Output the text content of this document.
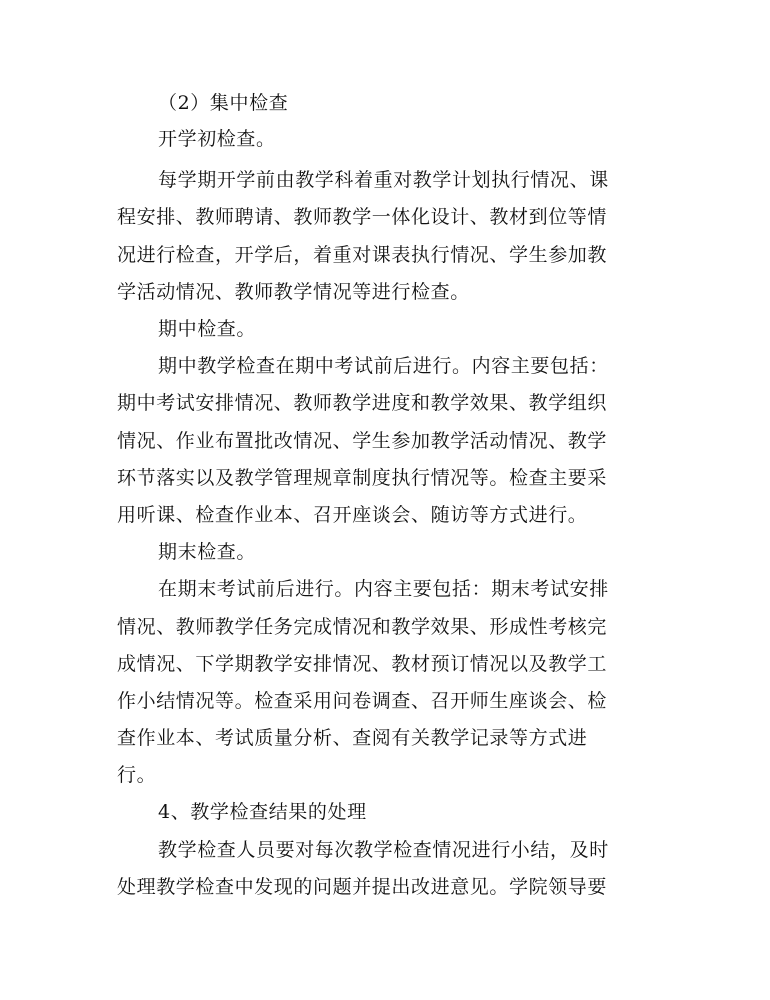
（2）集中检查
开学初检查。
每学期开学前由教学科着重对教学计划执行情况、课
程安排、教师聘请、教师教学一体化设计、教材到位等情
况进行检查，开学后，着重对课表执行情况、学生参加教
学活动情况、教师教学情况等进行检查。
期中检查。
期中教学检查在期中考试前后进行。内容主要包括：
期中考试安排情况、教师教学进度和教学效果、教学组织
情况、作业布置批改情况、学生参加教学活动情况、教学
环节落实以及教学管理规章制度执行情况等。检查主要采
用听课、检查作业本、召开座谈会、随访等方式进行。
期末检查。
在期末考试前后进行。内容主要包括：期末考试安排
情况、教师教学任务完成情况和教学效果、形成性考核完
成情况、下学期教学安排情况、教材预订情况以及教学工
作小结情况等。检查采用问卷调查、召开师生座谈会、检
查作业本、考试质量分析、查阅有关教学记录等方式进
行。
4、教学检查结果的处理
教学检查人员要对每次教学检查情况进行小结，及时
处理教学检查中发现的问题并提出改进意见。学院领导要
